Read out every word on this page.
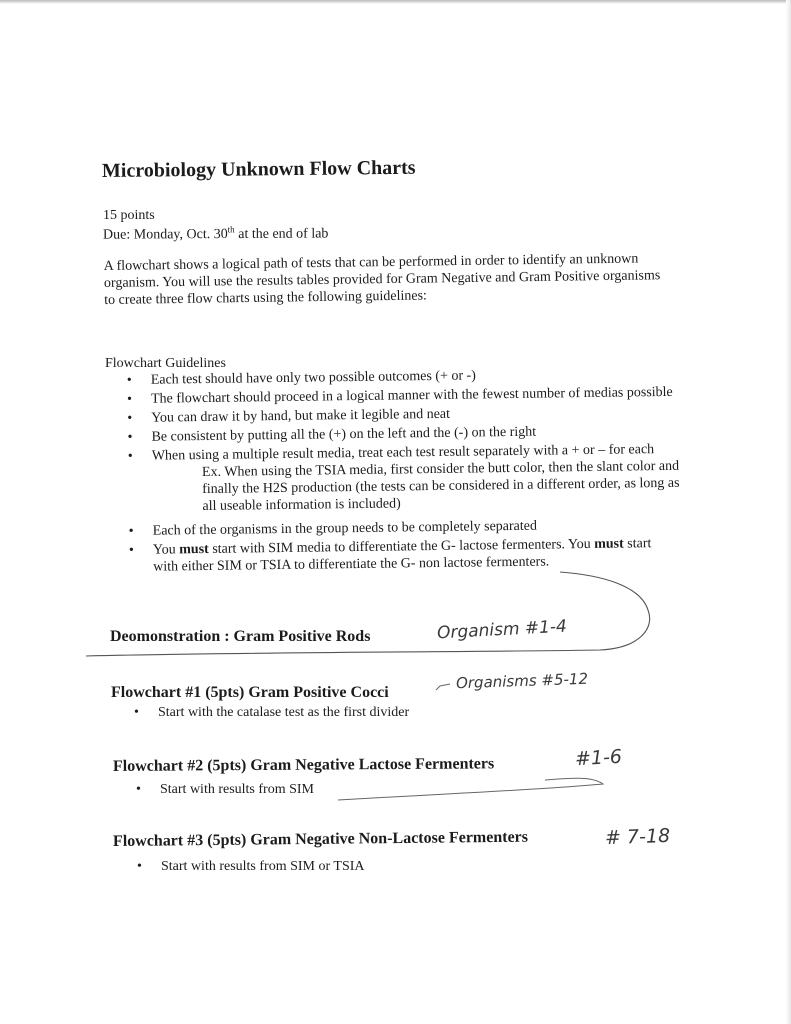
Microbiology Unknown Flow Charts
15 points
Due: Monday, Oct. 30th at the end of lab
A flowchart shows a logical path of tests that can be performed in order to identify an unknown
organism. You will use the results tables provided for Gram Negative and Gram Positive organisms
to create three flow charts using the following guidelines:
Flowchart Guidelines
• Each test should have only two possible outcomes (+ or -)
• The flowchart should proceed in a logical manner with the fewest number of medias possible
• You can draw it by hand, but make it legible and neat
• Be consistent by putting all the (+) on the left and the (-) on the right
• When using a multiple result media, treat each test result separately with a + or – for each
Ex. When using the TSIA media, first consider the butt color, then the slant color and
finally the H2S production (the tests can be considered in a different order, as long as
all useable information is included)
• Each of the organisms in the group needs to be completely separated
• You must start with SIM media to differentiate the G- lactose fermenters. You must start
with either SIM or TSIA to differentiate the G- non lactose fermenters.
Deomonstration : Gram Positive Rods	Organism #1-4
Flowchart #1 (5pts) Gram Positive Cocci
Organisms #5-12
• Start with the catalase test as the first divider
Flowchart #2 (5pts) Gram Negative Lactose Fermenters	#1-6
• Start with results from SIM
Flowchart #3 (5pts) Gram Negative Non-Lactose Fermenters	# 7-18
• Start with results from SIM or TSIA
